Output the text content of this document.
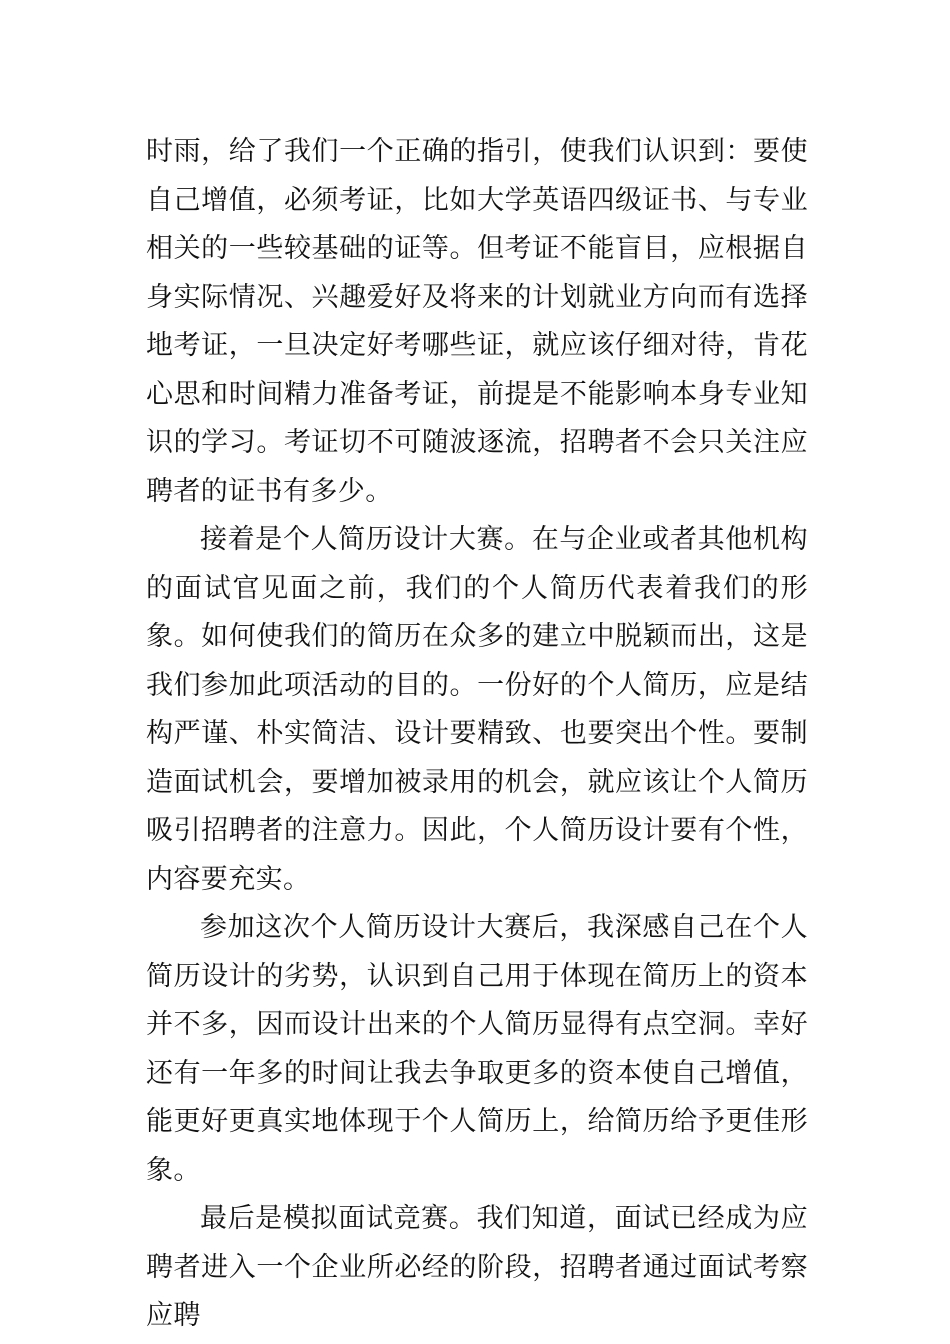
时雨，给了我们一个正确的指引，使我们认识到：要使自己增值，必须考证，比如大学英语四级证书、与专业相关的一些较基础的证等。但考证不能盲目，应根据自身实际情况、兴趣爱好及将来的计划就业方向而有选择地考证，一旦决定好考哪些证，就应该仔细对待，肯花心思和时间精力准备考证，前提是不能影响本身专业知识的学习。考证切不可随波逐流，招聘者不会只关注应聘者的证书有多少。

接着是个人简历设计大赛。在与企业或者其他机构的面试官见面之前，我们的个人简历代表着我们的形象。如何使我们的简历在众多的建立中脱颖而出，这是我们参加此项活动的目的。一份好的个人简历，应是结构严谨、朴实简洁、设计要精致、也要突出个性。要制造面试机会，要增加被录用的机会，就应该让个人简历吸引招聘者的注意力。因此，个人简历设计要有个性，内容要充实。

参加这次个人简历设计大赛后，我深感自己在个人简历设计的劣势，认识到自己用于体现在简历上的资本并不多，因而设计出来的个人简历显得有点空洞。幸好还有一年多的时间让我去争取更多的资本使自己增值，能更好更真实地体现于个人简历上，给简历给予更佳形象。

最后是模拟面试竞赛。我们知道，面试已经成为应聘者进入一个企业所必经的阶段，招聘者通过面试考察应聘
